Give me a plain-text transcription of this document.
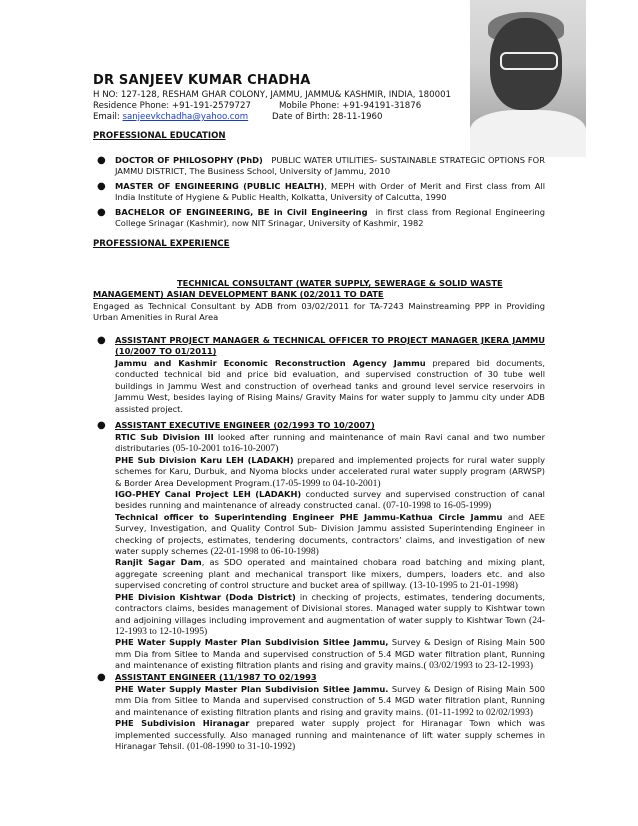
DR SANJEEV KUMAR CHADHA
H NO: 127-128, RESHAM GHAR COLONY, JAMMU, JAMMU& KASHMIR, INDIA, 180001
Residence Phone: +91-191-2579727	Mobile Phone: +91-94191-31876
Email: sanjeevkchadha@yahoo.com	Date of Birth: 28-11-1960
PROFESSIONAL EDUCATION
● DOCTOR OF PHILOSOPHY (PhD) PUBLIC WATER UTILITIES- SUSTAINABLE STRATEGIC OPTIONS FOR JAMMU DISTRICT, The Business School, University of Jammu, 2010
● MASTER OF ENGINEERING (PUBLIC HEALTH), MEPH with Order of Merit and First class from All India Institute of Hygiene & Public Health, Kolkatta, University of Calcutta, 1990
● BACHELOR OF ENGINEERING, BE in Civil Engineering in first class from Regional Engineering College Srinagar (Kashmir), now NIT Srinagar, University of Kashmir, 1982
PROFESSIONAL EXPERIENCE
TECHNICAL CONSULTANT (WATER SUPPLY, SEWERAGE & SOLID WASTE
MANAGEMENT) ASIAN DEVELOPMENT BANK (02/2011 TO DATE
Engaged as Technical Consultant by ADB from 03/02/2011 for TA-7243 Mainstreaming PPP in Providing Urban Amenities in Rural Area
● ASSISTANT PROJECT MANAGER & TECHNICAL OFFICER TO PROJECT MANAGER JKERA JAMMU (10/2007 TO 01/2011)
Jammu and Kashmir Economic Reconstruction Agency Jammu prepared bid documents, conducted technical bid and price bid evaluation, and supervised construction of 30 tube well buildings in Jammu West and construction of overhead tanks and ground level service reservoirs in Jammu West, besides laying of Rising Mains/ Gravity Mains for water supply to Jammu city under ADB assisted project.
● ASSISTANT EXECUTIVE ENGINEER (02/1993 TO 10/2007)
RTIC Sub Division III looked after running and maintenance of main Ravi canal and two number distributaries (05-10-2001 to16-10-2007)
PHE Sub Division Karu LEH (LADAKH) prepared and implemented projects for rural water supply schemes for Karu, Durbuk, and Nyoma blocks under accelerated rural water supply program (ARWSP) & Border Area Development Program.(17-05-1999 to 04-10-2001)
IGO-PHEY Canal Project LEH (LADAKH) conducted survey and supervised construction of canal besides running and maintenance of already constructed canal. (07-10-1998 to 16-05-1999)
Technical officer to Superintending Engineer PHE Jammu-Kathua Circle Jammu and AEE Survey, Investigation, and Quality Control Sub- Division Jammu assisted Superintending Engineer in checking of projects, estimates, tendering documents, contractors’ claims, and investigation of new water supply schemes (22-01-1998 to 06-10-1998)
Ranjit Sagar Dam, as SDO operated and maintained chobara road batching and mixing plant, aggregate screening plant and mechanical transport like mixers, dumpers, loaders etc. and also supervised concreting of control structure and bucket area of spillway. (13-10-1995 to 21-01-1998)
PHE Division Kishtwar (Doda District) in checking of projects, estimates, tendering documents, contractors claims, besides management of Divisional stores. Managed water supply to Kishtwar town and adjoining villages including improvement and augmentation of water supply to Kishtwar Town (24-12-1993 to 12-10-1995)
PHE Water Supply Master Plan Subdivision Sitlee Jammu, Survey & Design of Rising Main 500 mm Dia from Sitlee to Manda and supervised construction of 5.4 MGD water filtration plant, Running and maintenance of existing filtration plants and rising and gravity mains.( 03/02/1993 to 23-12-1993)
● ASSISTANT ENGINEER (11/1987 TO 02/1993
PHE Water Supply Master Plan Subdivision Sitlee Jammu. Survey & Design of Rising Main 500 mm Dia from Sitlee to Manda and supervised construction of 5.4 MGD water filtration plant, Running and maintenance of existing filtration plants and rising and gravity mains. (01-11-1992 to 02/02/1993)
PHE Subdivision Hiranagar prepared water supply project for Hiranagar Town which was implemented successfully. Also managed running and maintenance of lift water supply schemes in Hiranagar Tehsil. (01-08-1990 to 31-10-1992)
